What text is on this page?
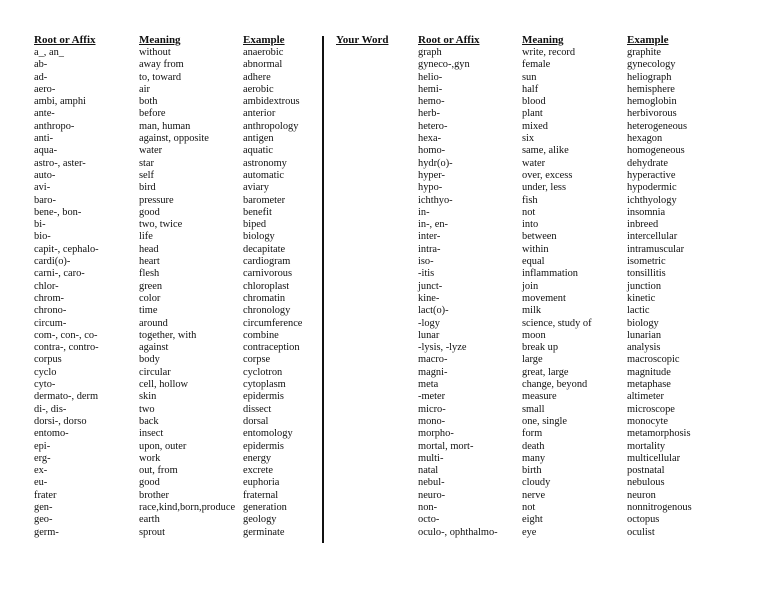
Root or Affix
a_, an_
ab-
ad-
aero-
ambi, amphi
ante-
anthropo-
anti-
aqua-
astro-, aster-
auto-
avi-
baro-
bene-, bon-
bi-
bio-
capit-, cephalo-
cardi(o)-
carni-, caro-
chlor-
chrom-
chrono-
circum-
com-, con-, co-
contra-, contro-
corpus
cyclo
cyto-
dermato-, derm
di-, dis-
dorsi-, dorso
entomo-
epi-
erg-
ex-
eu-
frater
gen-
geo-
germ-
Meaning
without
away from
to, toward
air
both
before
man, human
against, opposite
water
star
self
bird
pressure
good
two, twice
life
head
heart
flesh
green
color
time
around
together, with
against
body
circular
cell, hollow
skin
two
back
insect
upon, outer
work
out, from
good
brother
race,kind,born,produce
earth
sprout
Example
anaerobic
abnormal
adhere
aerobic
ambidextrous
anterior
anthropology
antigen
aquatic
astronomy
automatic
aviary
barometer
benefit
biped
biology
decapitate
cardiogram
carnivorous
chloroplast
chromatin
chronology
circumference
combine
contraception
corpse
cyclotron
cytoplasm
epidermis
dissect
dorsal
entomology
epidermis
energy
excrete
euphoria
fraternal
generation
geology
germinate
Your Word	Root or Affix
graph
gyneco-,gyn
helio-
hemi-
hemo-
herb-
hetero-
hexa-
homo-
hydr(o)-
hyper-
hypo-
ichthyo-
in-
in-, en-
inter-
intra-
iso-
-itis
junct-
kine-
lact(o)-
-logy
lunar
-lysis, -lyze
macro-
magni-
meta
-meter
micro-
mono-
morpho-
mortal, mort-
multi-
natal
nebul-
neuro-
non-
octo-
oculo-, ophthalmo-
Meaning
write, record
female
sun
half
blood
plant
mixed
six
same, alike
water
over, excess
under, less
fish
not
into
between
within
equal
inflammation
join
movement
milk
science, study of
moon
break up
large
great, large
change, beyond
measure
small
one, single
form
death
many
birth
cloudy
nerve
not
eight
eye
Example
graphite
gynecology
heliograph
hemisphere
hemoglobin
herbivorous
heterogeneous
hexagon
homogeneous
dehydrate
hyperactive
hypodermic
ichthyology
insomnia
inbreed
intercellular
intramuscular
isometric
tonsillitis
junction
kinetic
lactic
biology
lunarian
analysis
macroscopic
magnitude
metaphase
altimeter
microscope
monocyte
metamorphosis
mortality
multicellular
postnatal
nebulous
neuron
nonnitrogenous
octopus
oculist
